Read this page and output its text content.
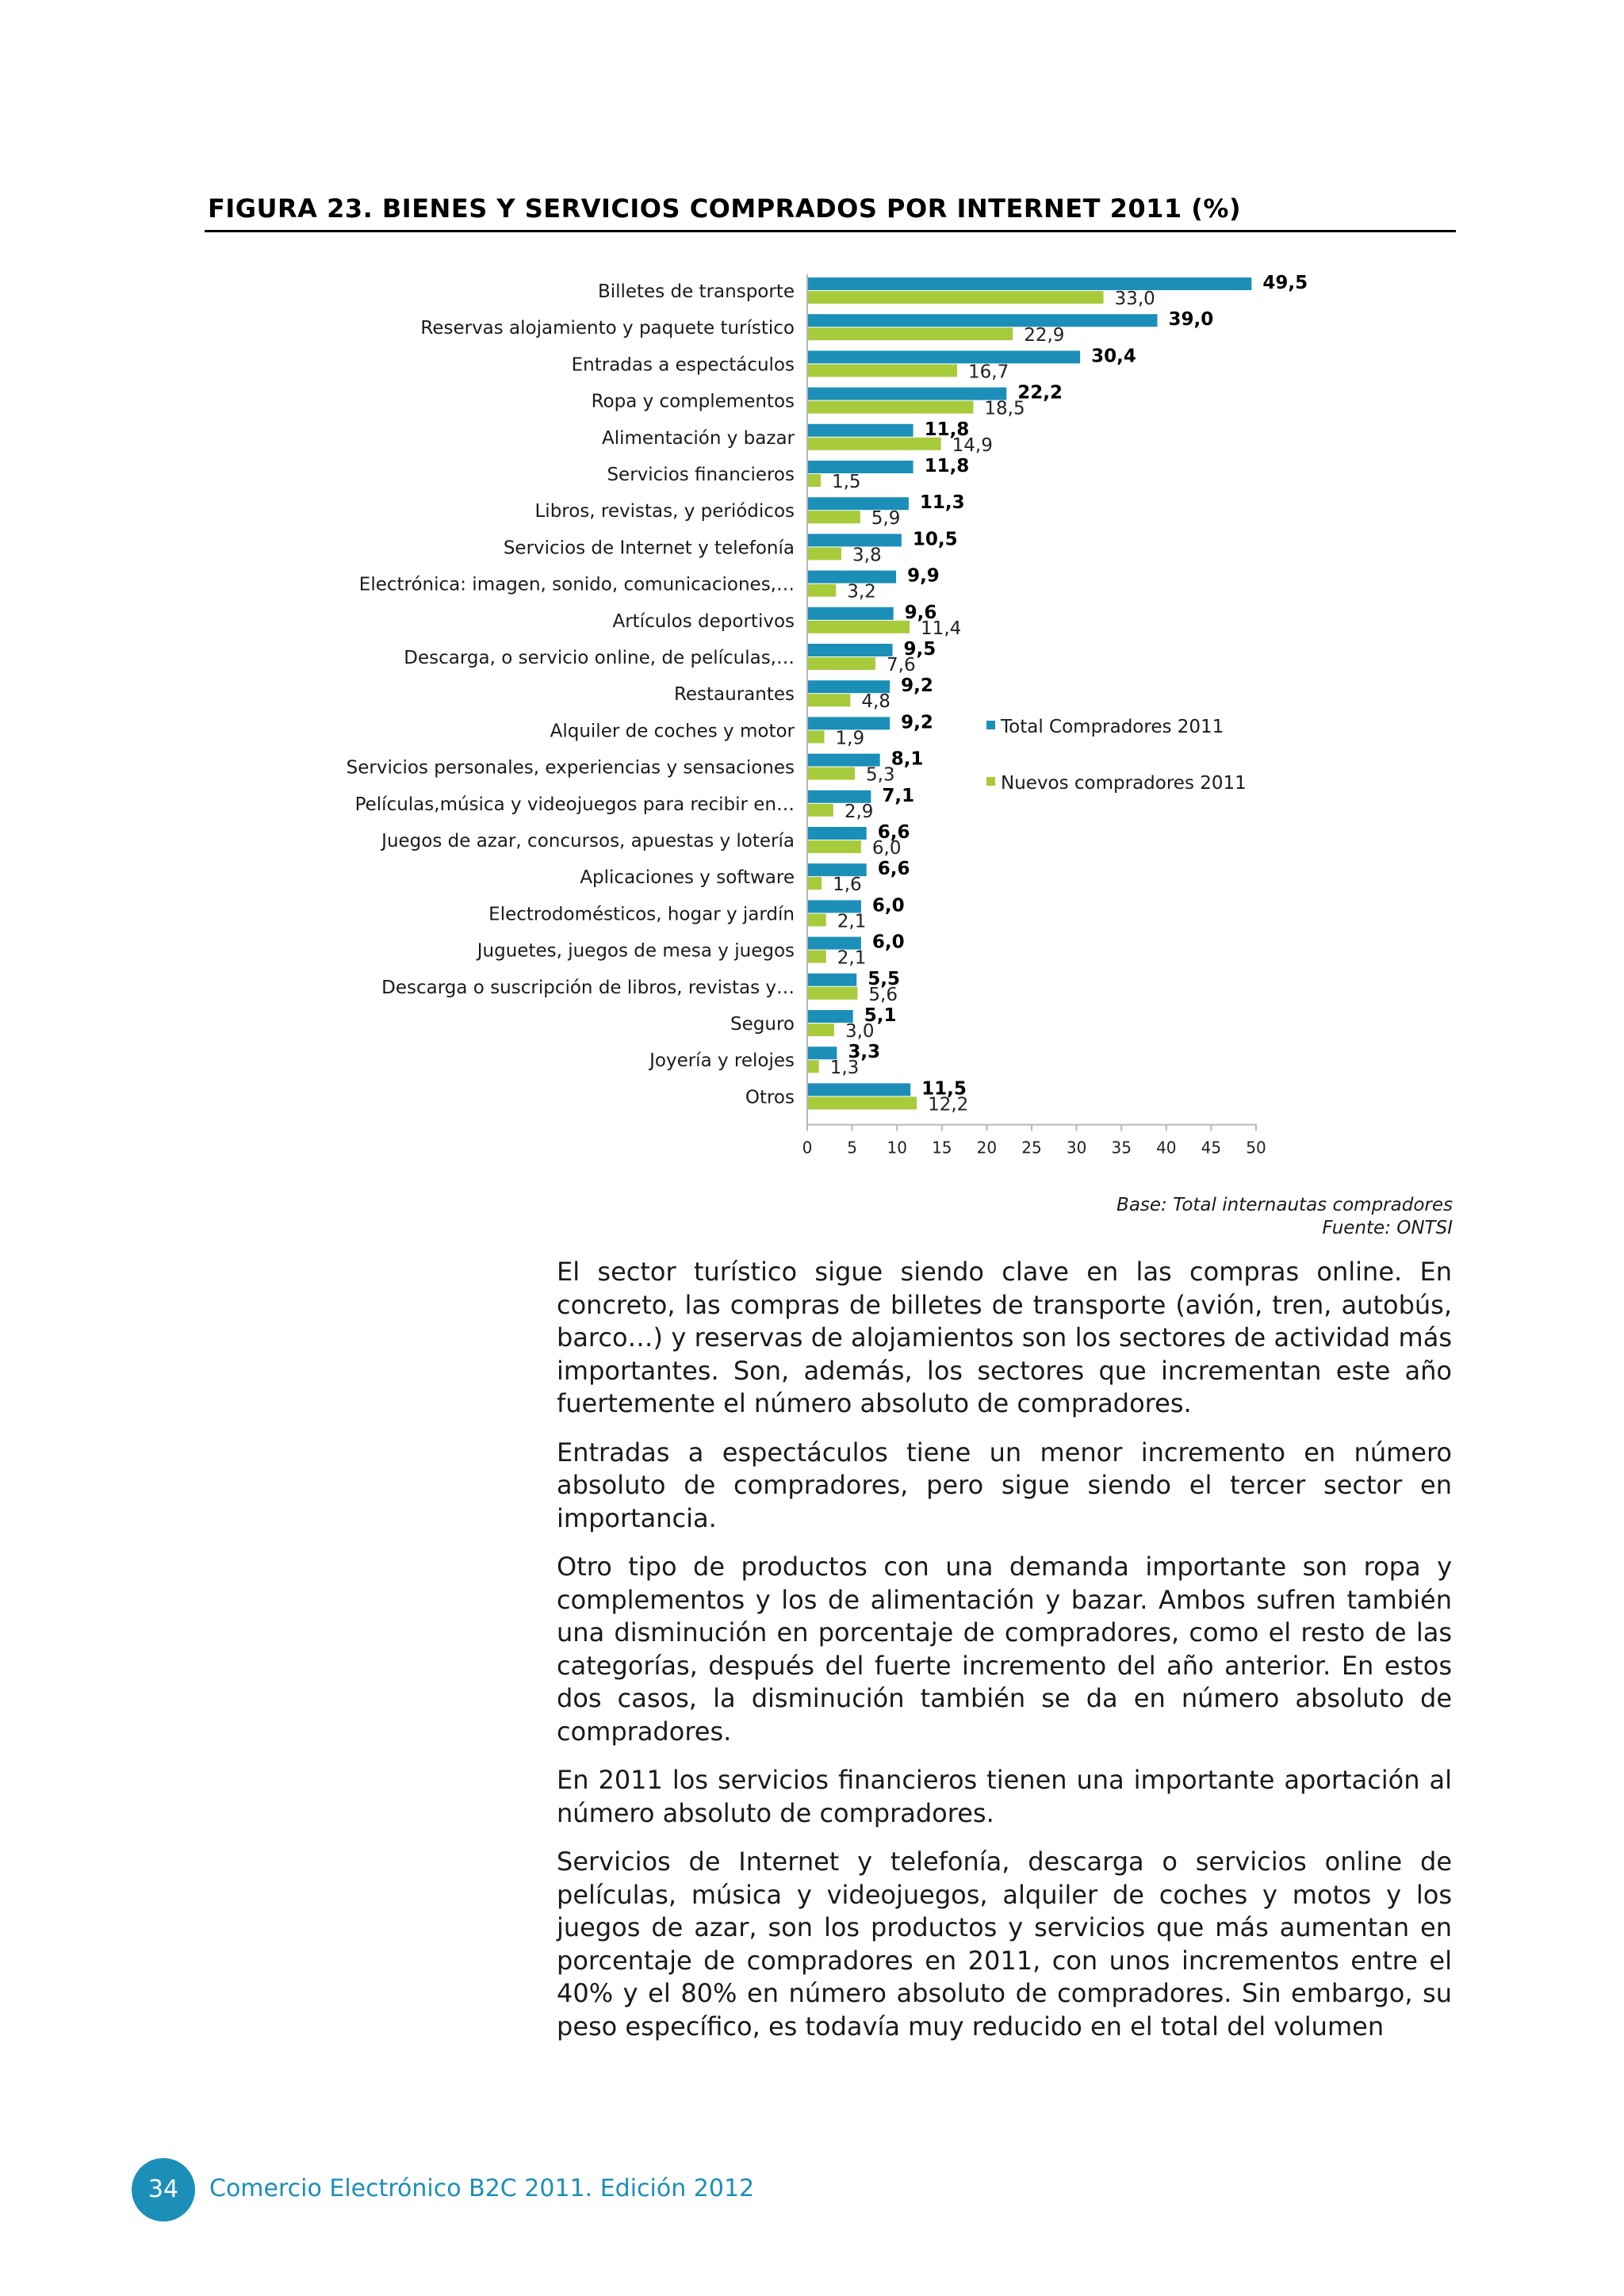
FIGURA 23. BIENES Y SERVICIOS COMPRADOS POR INTERNET 2011 (%)
Billetes de transporte	49,5
33,0
Reservas alojamiento y paquete turístico	39,0
22,9
Entradas a espectáculos	30,4
16,7
Ropa y complementos	22,2
18,5
Alimentación y bazar	11,8
14,9
Servicios financieros	11,8
1,5
Libros, revistas, y periódicos	11,3
5,9
Servicios de Internet y telefonía	10,5
3,8
Electrónica: imagen, sonido, comunicaciones,…	9,9
3,2
Artículos deportivos	9,6
11,4
Descarga, o servicio online, de películas,…	9,5
7,6
Restaurantes	9,2
4,8
Alquiler de coches y motor	9,2
1,9
Servicios personales, experiencias y sensaciones	8,1
5,3
Películas,música y videojuegos para recibir en…	7,1
2,9
Juegos de azar, concursos, apuestas y lotería	6,6
6,0
Aplicaciones y software	6,6
1,6
Electrodomésticos, hogar y jardín	6,0
2,1
Juguetes, juegos de mesa y juegos	6,0
2,1
Descarga o suscripción de libros, revistas y…	5,5
5,6
Seguro	5,1
3,0
Joyería y relojes	3,3
1,3
Otros	11,5
12,2
0 5 10 15 20 25 30 35 40 45 50
Total Compradores 2011
Nuevos compradores 2011
Base: Total internautas compradores
Fuente: ONTSI

El sector turístico sigue siendo clave en las compras online. En concreto, las compras de billetes de transporte (avión, tren, autobús, barco…) y reservas de alojamientos son los sectores de actividad más importantes. Son, además, los sectores que incrementan este año fuertemente el número absoluto de compradores.

Entradas a espectáculos tiene un menor incremento en número absoluto de compradores, pero sigue siendo el tercer sector en importancia.

Otro tipo de productos con una demanda importante son ropa y complementos y los de alimentación y bazar. Ambos sufren también una disminución en porcentaje de compradores, como el resto de las categorías, después del fuerte incremento del año anterior. En estos dos casos, la disminución también se da en número absoluto de compradores.

En 2011 los servicios financieros tienen una importante aportación al número absoluto de compradores.

Servicios de Internet y telefonía, descarga o servicios online de películas, música y videojuegos, alquiler de coches y motos y los juegos de azar, son los productos y servicios que más aumentan en porcentaje de compradores en 2011, con unos incrementos entre el 40% y el 80% en número absoluto de compradores. Sin embargo, su peso específico, es todavía muy reducido en el total del volumen

34	Comercio Electrónico B2C 2011. Edición 2012
